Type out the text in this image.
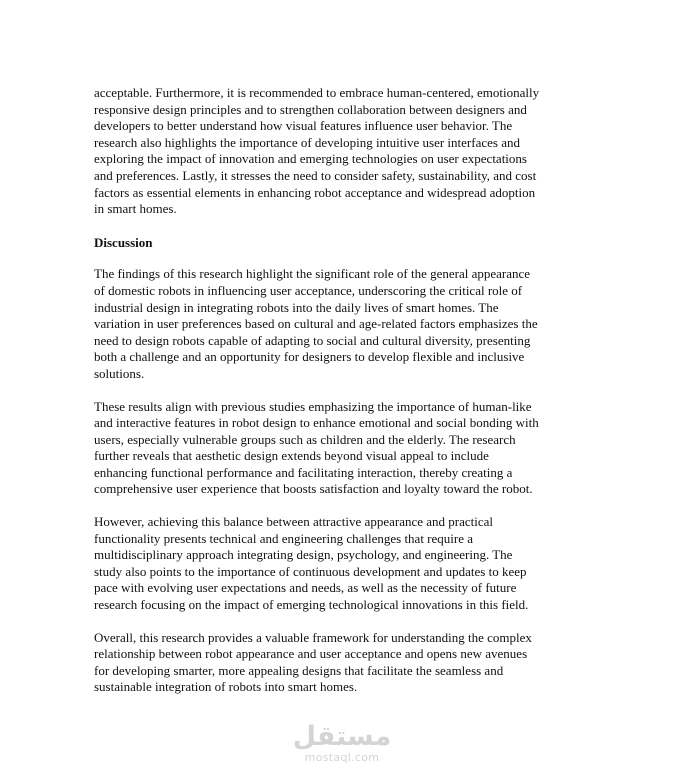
acceptable. Furthermore, it is recommended to embrace human-centered, emotionally
responsive design principles and to strengthen collaboration between designers and
developers to better understand how visual features influence user behavior. The
research also highlights the importance of developing intuitive user interfaces and
exploring the impact of innovation and emerging technologies on user expectations
and preferences. Lastly, it stresses the need to consider safety, sustainability, and cost
factors as essential elements in enhancing robot acceptance and widespread adoption
in smart homes.

Discussion

The findings of this research highlight the significant role of the general appearance
of domestic robots in influencing user acceptance, underscoring the critical role of
industrial design in integrating robots into the daily lives of smart homes. The
variation in user preferences based on cultural and age-related factors emphasizes the
need to design robots capable of adapting to social and cultural diversity, presenting
both a challenge and an opportunity for designers to develop flexible and inclusive
solutions.

These results align with previous studies emphasizing the importance of human-like
and interactive features in robot design to enhance emotional and social bonding with
users, especially vulnerable groups such as children and the elderly. The research
further reveals that aesthetic design extends beyond visual appeal to include
enhancing functional performance and facilitating interaction, thereby creating a
comprehensive user experience that boosts satisfaction and loyalty toward the robot.

However, achieving this balance between attractive appearance and practical
functionality presents technical and engineering challenges that require a
multidisciplinary approach integrating design, psychology, and engineering. The
study also points to the importance of continuous development and updates to keep
pace with evolving user expectations and needs, as well as the necessity of future
research focusing on the impact of emerging technological innovations in this field.

Overall, this research provides a valuable framework for understanding the complex
relationship between robot appearance and user acceptance and opens new avenues
for developing smarter, more appealing designs that facilitate the seamless and
sustainable integration of robots into smart homes.

مستقل
mostaql.com
